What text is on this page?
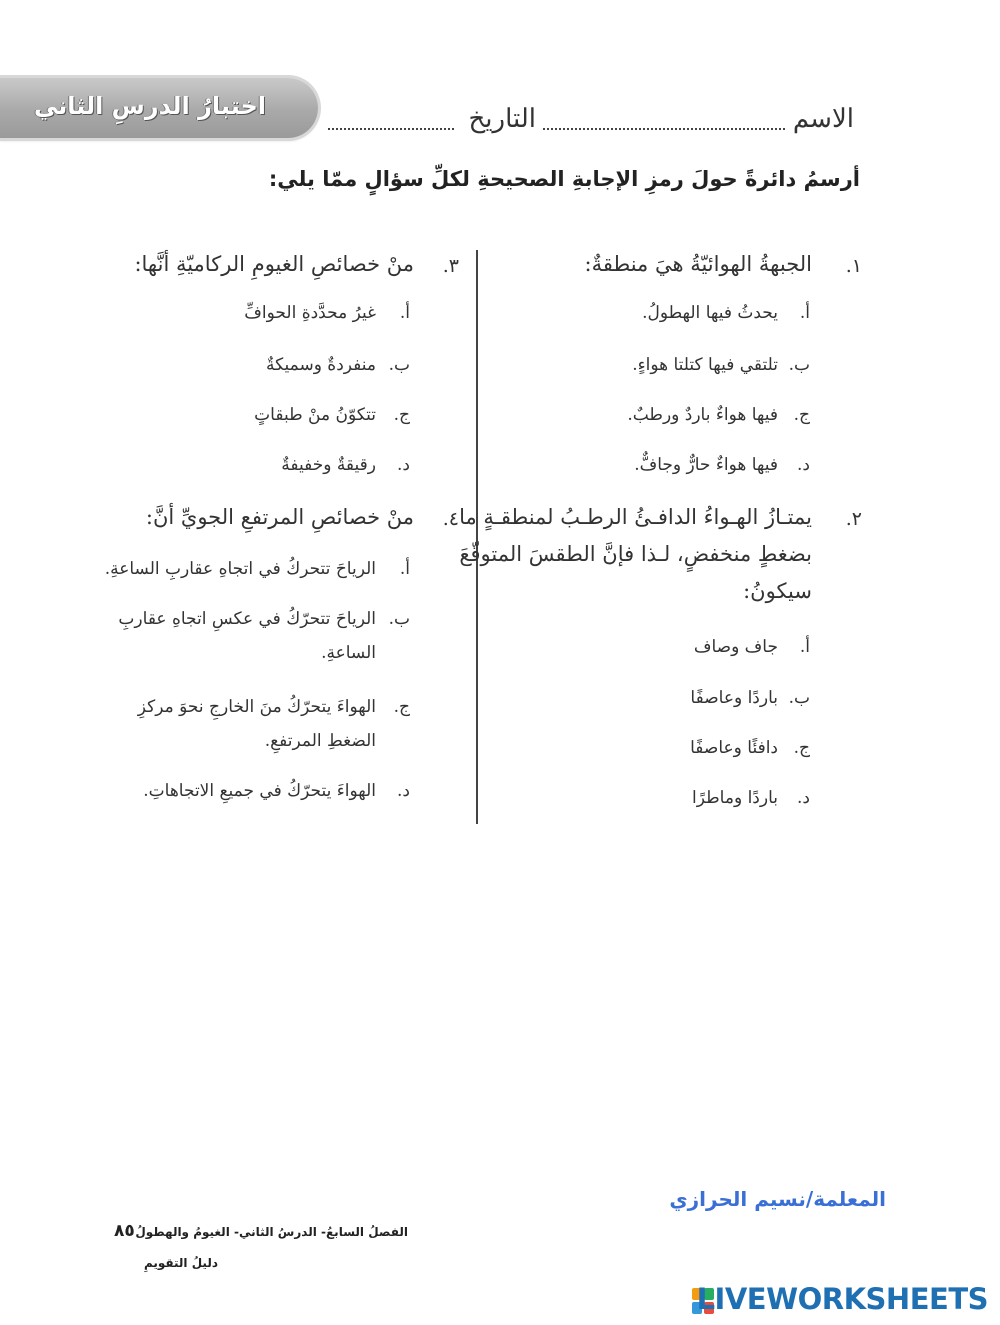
اختبارُ الدرسِ الثاني	الاسم
التاريخ
أرسمُ دائرةً حولَ رمزِ الإجابةِ الصحيحةِ لكلِّ سؤالٍ ممّا يلي:
١.
الجبهةُ الهوائيّةُ هيَ منطقةٌ:
أ.
يحدثُ فيها الهطولُ.
ب.
تلتقي فيها كتلتا هواءٍ.
ج.
فيها هواءٌ باردٌ ورطبٌ.
د.
فيها هواءٌ حارٌّ وجافٌّ.
٢.
يمتـازُ الهـواءُ الدافـئُ الرطـبُ لمنطقـةٍ ما
بضغطٍ منخفضٍ، لـذا فإنَّ الطقسَ المتوقّعَ
سيكونُ:
أ.
جاف وصاف
ب.
باردًا وعاصفًا
ج.
دافئًا وعاصفًا
د.
باردًا وماطرًا
٣.
منْ خصائصِ الغيومِ الركاميّةِ أنَّها:
أ.
غيرُ محدَّدةِ الحوافِّ
ب.
منفردةٌ وسميكةٌ
ج.
تتكوّنُ منْ طبقاتٍ
د.
رقيقةٌ وخفيفةٌ
٤.
منْ خصائصِ المرتفعِ الجويِّ أنَّ:
أ.
الرياحَ تتحركُ في اتجاهِ عقاربِ الساعةِ.
ب.
الرياحَ تتحرّكُ في عكسِ اتجاهِ عقاربِ
الساعةِ.
ج.
الهواءَ يتحرّكُ منَ الخارجِ نحوَ مركزِ
الضغطِ المرتفعِ.
د.
الهواءَ يتحرّكُ في جميعِ الاتجاهاتِ.
المعلمة/نسيم الحرازي
الفصلُ السابعُ- الدرسُ الثاني- الغيومُ والهطولُ
٨٥
دليلُ التقويمِ
LIVEWORKSHEETS
